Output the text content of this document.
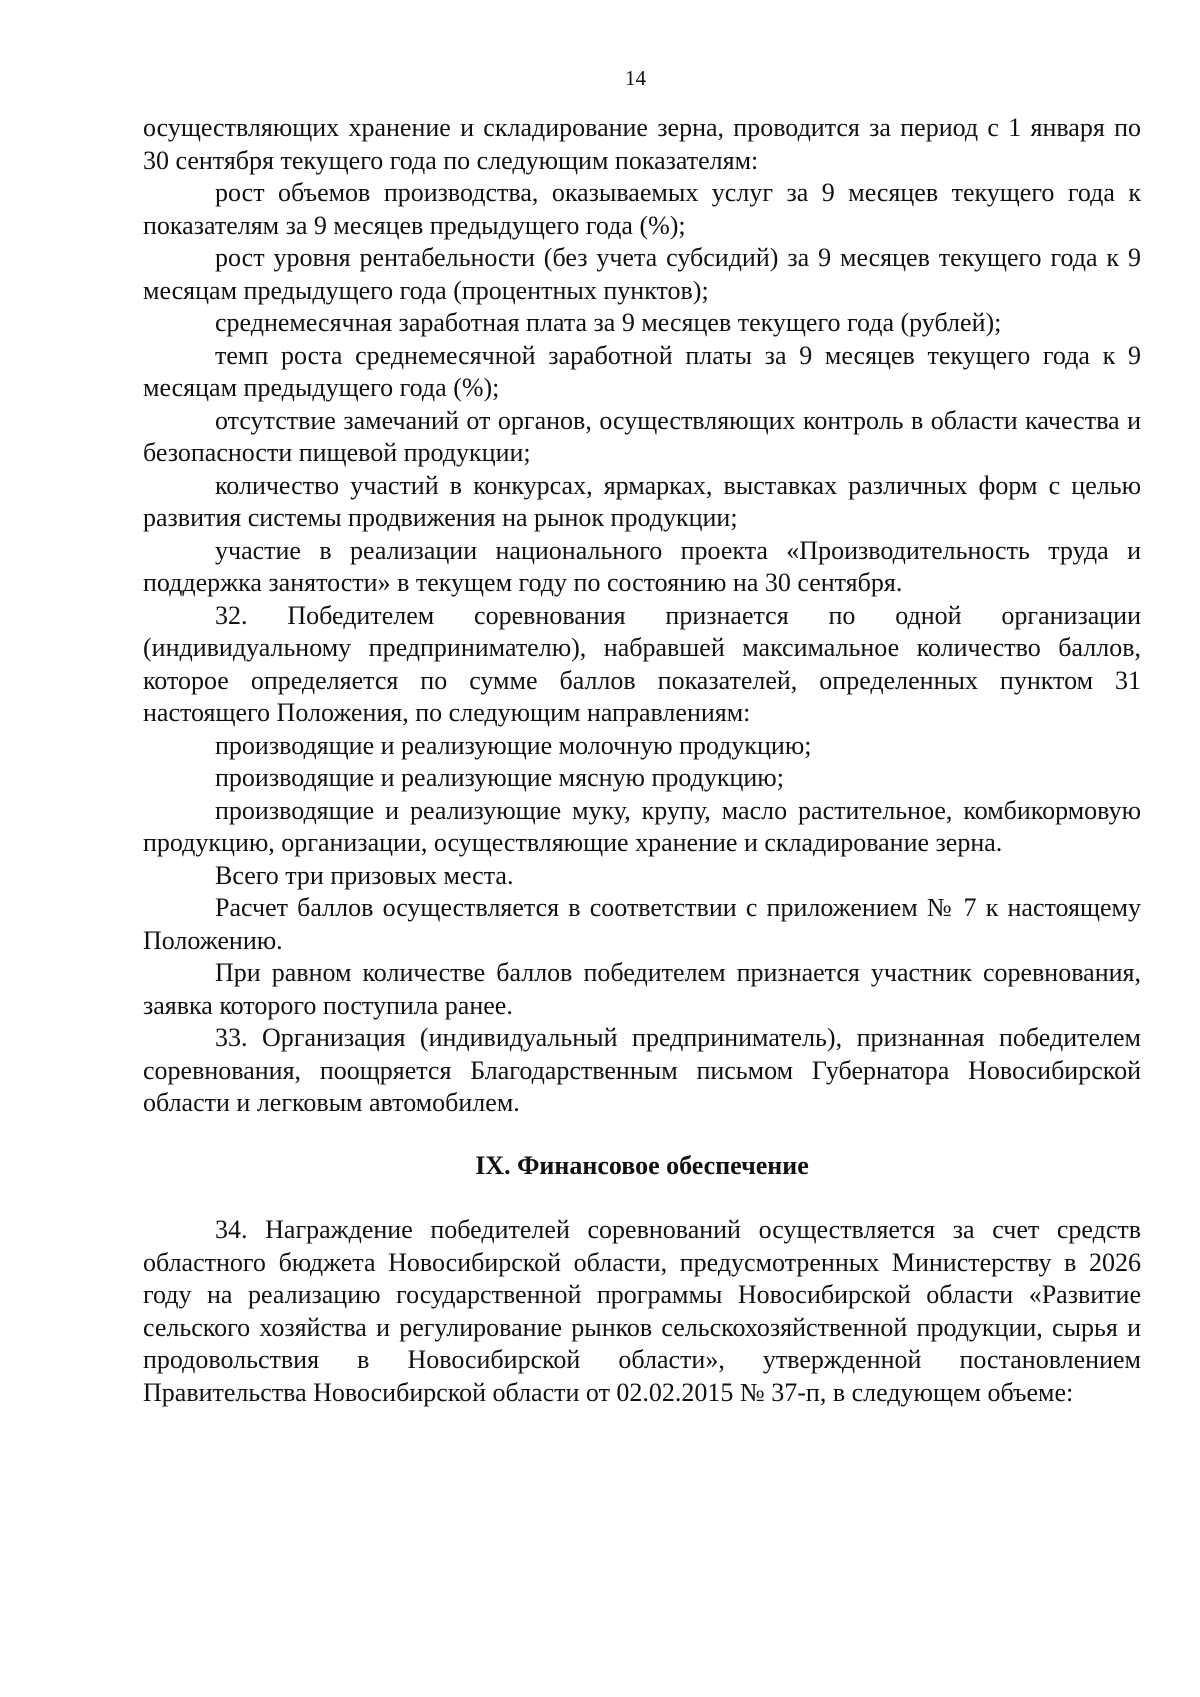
14

осуществляющих хранение и складирование зерна, проводится за период с 1 января по 30 сентября текущего года по следующим показателям:

рост объемов производства, оказываемых услуг за 9 месяцев текущего года к показателям за 9 месяцев предыдущего года (%);

рост уровня рентабельности (без учета субсидий) за 9 месяцев текущего года к 9 месяцам предыдущего года (процентных пунктов);

среднемесячная заработная плата за 9 месяцев текущего года (рублей);

темп роста среднемесячной заработной платы за 9 месяцев текущего года к 9 месяцам предыдущего года (%);

отсутствие замечаний от органов, осуществляющих контроль в области качества и безопасности пищевой продукции;

количество участий в конкурсах, ярмарках, выставках различных форм с целью развития системы продвижения на рынок продукции;

участие в реализации национального проекта «Производительность труда и поддержка занятости» в текущем году по состоянию на 30 сентября.

32. Победителем соревнования признается по одной организации (индивидуальному предпринимателю), набравшей максимальное количество баллов, которое определяется по сумме баллов показателей, определенных пунктом 31 настоящего Положения, по следующим направлениям:

производящие и реализующие молочную продукцию;

производящие и реализующие мясную продукцию;

производящие и реализующие муку, крупу, масло растительное, комбикормовую продукцию, организации, осуществляющие хранение и складирование зерна.

Всего три призовых места.

Расчет баллов осуществляется в соответствии с приложением № 7 к настоящему Положению.

При равном количестве баллов победителем признается участник соревнования, заявка которого поступила ранее.

33. Организация (индивидуальный предприниматель), признанная победителем соревнования, поощряется Благодарственным письмом Губернатора Новосибирской области и легковым автомобилем.

IX. Финансовое обеспечение

34. Награждение победителей соревнований осуществляется за счет средств областного бюджета Новосибирской области, предусмотренных Министерству в 2026 году на реализацию государственной программы Новосибирской области «Развитие сельского хозяйства и регулирование рынков сельскохозяйственной продукции, сырья и продовольствия в Новосибирской области», утвержденной постановлением Правительства Новосибирской области от 02.02.2015 № 37-п, в следующем объеме:
